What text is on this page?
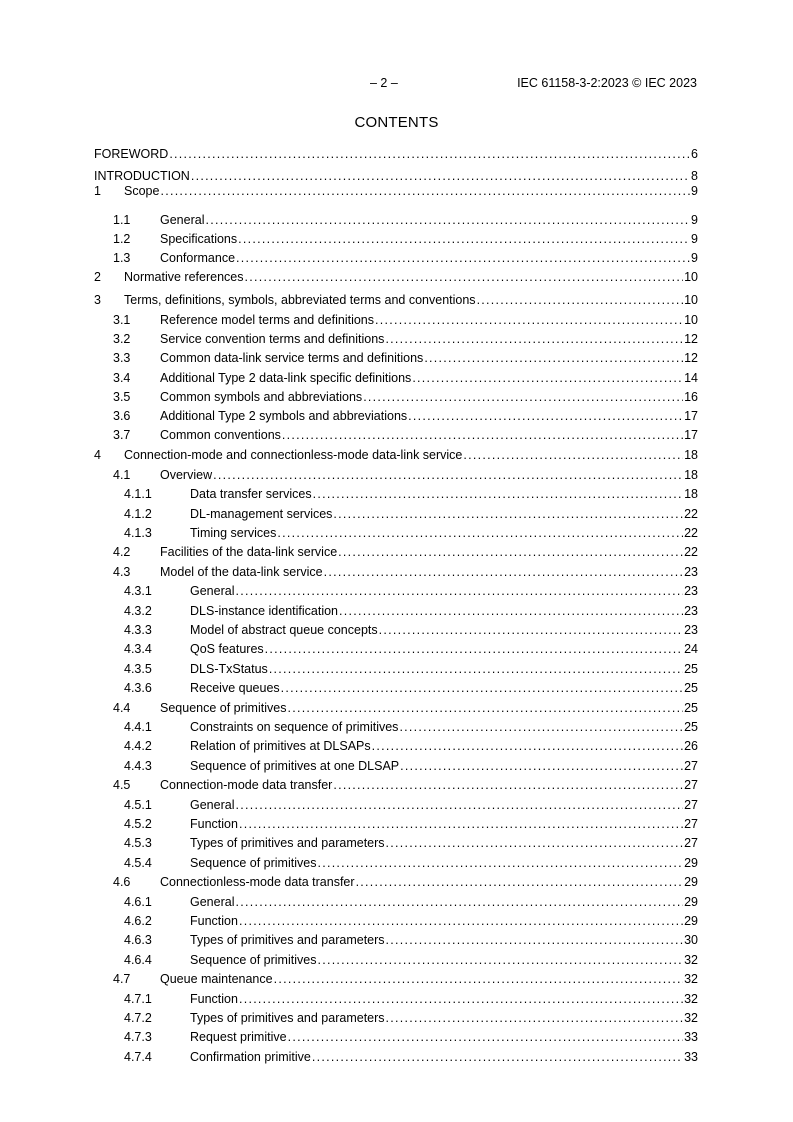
– 2 –	IEC 61158-3-2:2023 © IEC 2023
CONTENTS
FOREWORD . . .	6
INTRODUCTION . . .	8
1 Scope . . .	9
1.1 General . . .	9
1.2 Specifications . . .	9
1.3 Conformance . . .	9
2 Normative references . . .	10
3 Terms, definitions, symbols, abbreviated terms and conventions . . .	10
3.1 Reference model terms and definitions . . .	10
3.2 Service convention terms and definitions . . .	12
3.3 Common data-link service terms and definitions . . .	12
3.4 Additional Type 2 data-link specific definitions . . .	14
3.5 Common symbols and abbreviations . . .	16
3.6 Additional Type 2 symbols and abbreviations . . .	17
3.7 Common conventions . . .	17
4 Connection-mode and connectionless-mode data-link service . . .	18
4.1 Overview . . .	18
4.1.1	Data transfer services . . .	18
4.1.2	DL-management services . . .	22
4.1.3	Timing services . . .	22
4.2 Facilities of the data-link service . . .	22
4.3 Model of the data-link service . . .	23
4.3.1	General . . .	23
4.3.2	DLS-instance identification . . .	23
4.3.3	Model of abstract queue concepts . . .	23
4.3.4	QoS features . . .	24
4.3.5	DLS-TxStatus . . .	25
4.3.6	Receive queues . . .	25
4.4 Sequence of primitives . . .	25
4.4.1	Constraints on sequence of primitives . . .	25
4.4.2	Relation of primitives at DLSAPs . . .	26
4.4.3	Sequence of primitives at one DLSAP . . .	27
4.5 Connection-mode data transfer . . .	27
4.5.1	General . . .	27
4.5.2	Function . . .	27
4.5.3	Types of primitives and parameters . . .	27
4.5.4	Sequence of primitives . . .	29
4.6 Connectionless-mode data transfer . . .	29
4.6.1	General . . .	29
4.6.2	Function . . .	29
4.6.3	Types of primitives and parameters . . .	30
4.6.4	Sequence of primitives . . .	32
4.7 Queue maintenance . . .	32
4.7.1	Function . . .	32
4.7.2	Types of primitives and parameters . . .	32
4.7.3	Request primitive . . .	33
4.7.4	Confirmation primitive . . .	33
